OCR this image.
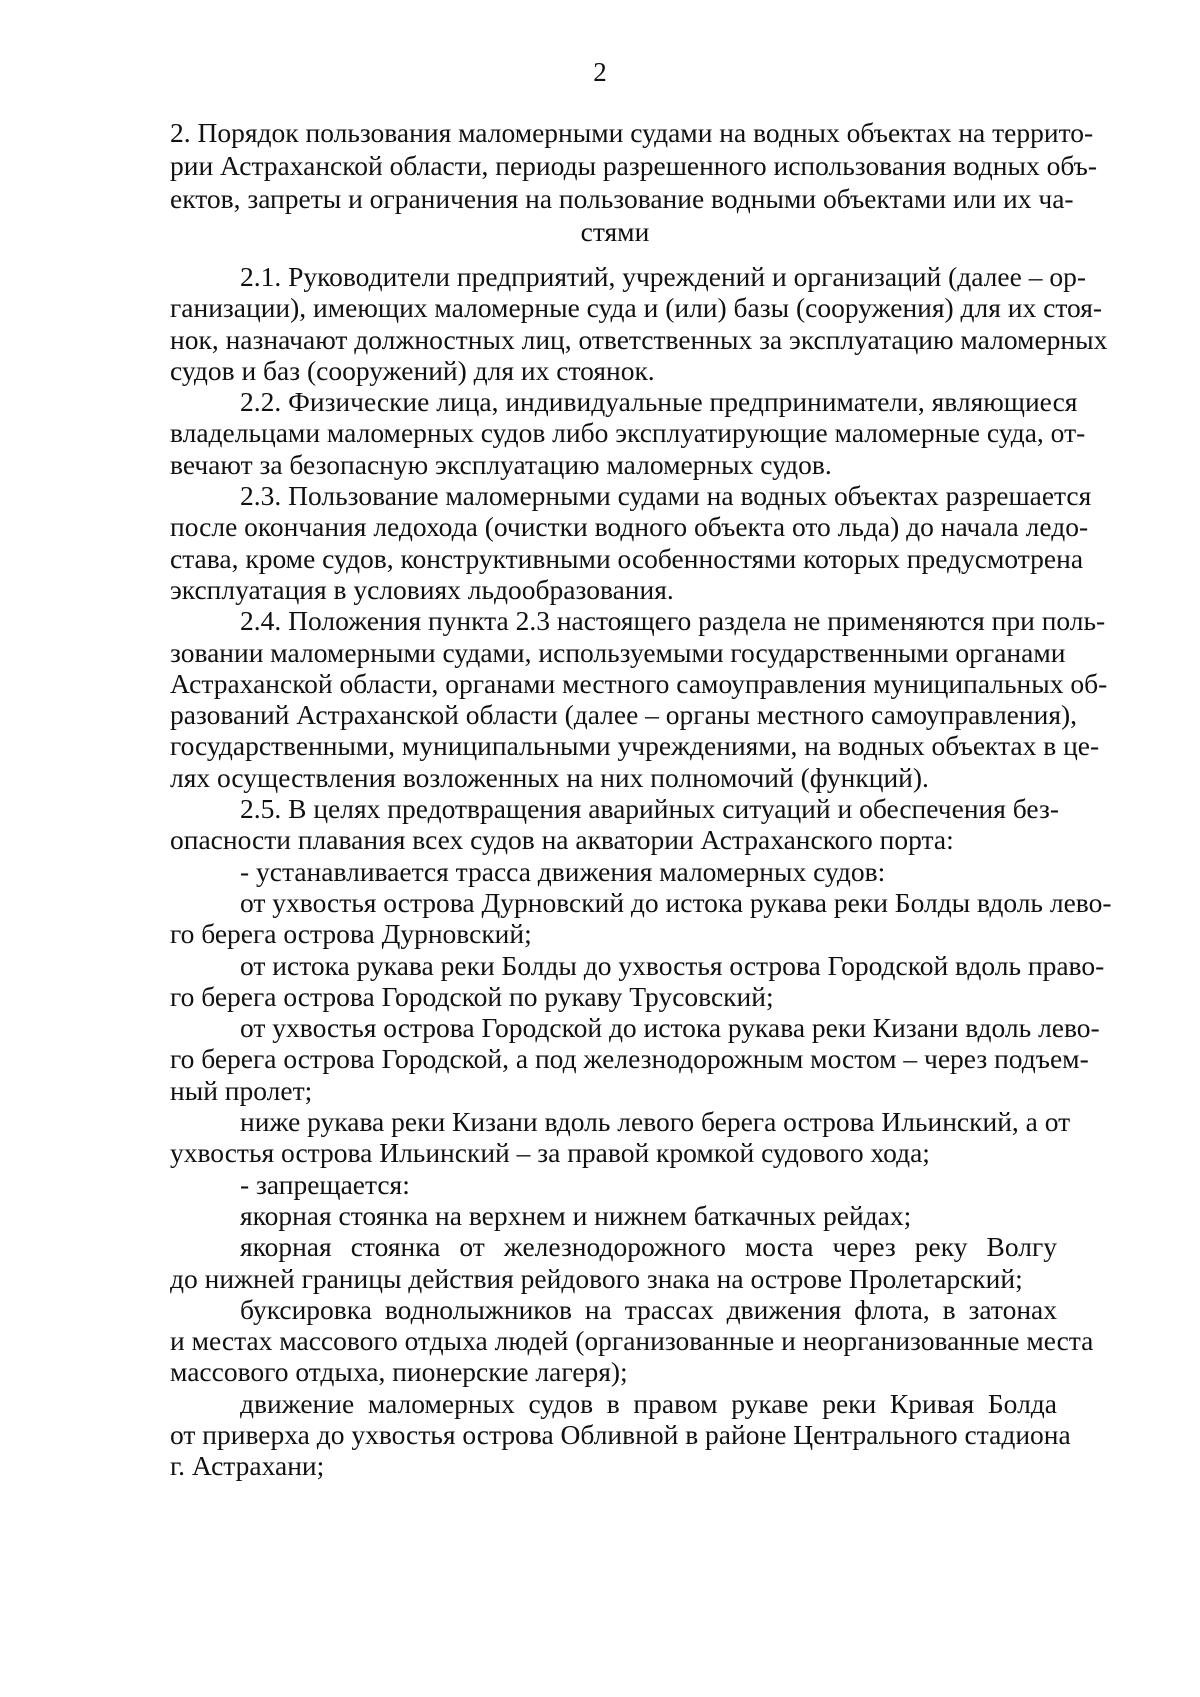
2
2. Порядок пользования маломерными судами на водных объектах на террито-
рии Астраханской области, периоды разрешенного использования водных объ-
ектов, запреты и ограничения на пользование водными объектами или их ча-
стями

2.1. Руководители предприятий, учреждений и организаций (далее – ор-
ганизации), имеющих маломерные суда и (или) базы (сооружения) для их стоя-
нок, назначают должностных лиц, ответственных за эксплуатацию маломерных
судов и баз (сооружений) для их стоянок.

2.2. Физические лица, индивидуальные предприниматели, являющиеся
владельцами маломерных судов либо эксплуатирующие маломерные суда, от-
вечают за безопасную эксплуатацию маломерных судов.

2.3. Пользование маломерными судами на водных объектах разрешается
после окончания ледохода (очистки водного объекта ото льда) до начала ледо-
става, кроме судов, конструктивными особенностями которых предусмотрена
эксплуатация в условиях льдообразования.

2.4. Положения пункта 2.3 настоящего раздела не применяются при поль-
зовании маломерными судами, используемыми государственными органами
Астраханской области, органами местного самоуправления муниципальных об-
разований Астраханской области (далее – органы местного самоуправления),
государственными, муниципальными учреждениями, на водных объектах в це-
лях осуществления возложенных на них полномочий (функций).

2.5. В целях предотвращения аварийных ситуаций и обеспечения без-
опасности плавания всех судов на акватории Астраханского порта:

- устанавливается трасса движения маломерных судов:

от ухвостья острова Дурновский до истока рукава реки Болды вдоль лево-
го берега острова Дурновский;

от истока рукава реки Болды до ухвостья острова Городской вдоль право-
го берега острова Городской по рукаву Трусовский;

от ухвостья острова Городской до истока рукава реки Кизани вдоль лево-
го берега острова Городской, а под железнодорожным мостом – через подъем-
ный пролет;

ниже рукава реки Кизани вдоль левого берега острова Ильинский, а от
ухвостья острова Ильинский – за правой кромкой судового хода;

- запрещается:

якорная стоянка на верхнем и нижнем баткачных рейдах;

якорная стоянка от железнодорожного моста через реку Волгу
до нижней границы действия рейдового знака на острове Пролетарский;

буксировка воднолыжников на трассах движения флота, в затонах
и местах массового отдыха людей (организованные и неорганизованные места
массового отдыха, пионерские лагеря);

движение маломерных судов в правом рукаве реки Кривая Болда
от приверха до ухвостья острова Обливной в районе Центрального стадиона
г. Астрахани;
